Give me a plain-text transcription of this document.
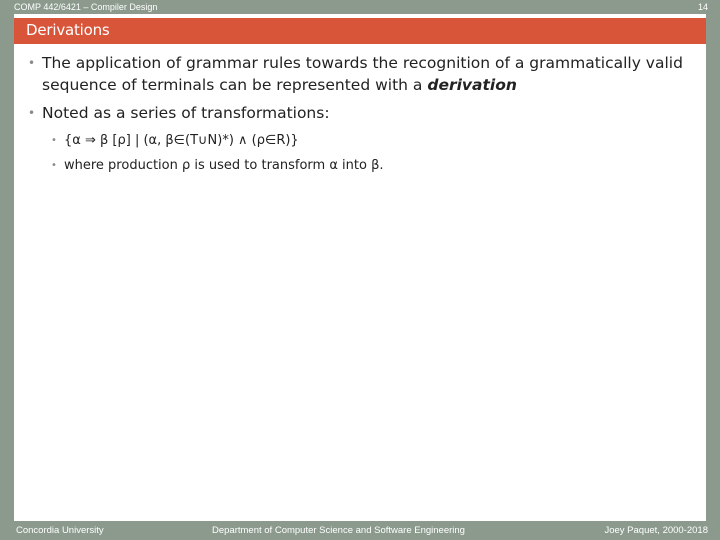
COMP 442/6421 – Compiler Design	14
Derivations
• The application of grammar rules towards the recognition of a grammatically valid sequence of terminals can be represented with a derivation
• Noted as a series of transformations:
• {α ⇒ β [ρ] | (α, β∈(T∪N)*) ∧ (ρ∈R)}
• where production ρ is used to transform α into β.
Concordia University	Department of Computer Science and Software Engineering	Joey Paquet, 2000-2018
